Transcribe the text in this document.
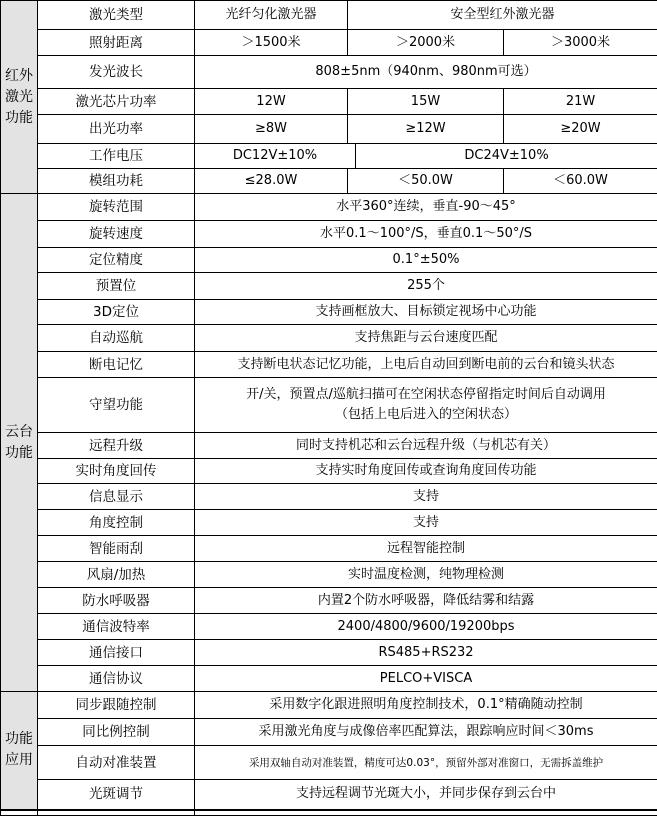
红外激光功能	激光类型	光纤匀化激光器	安全型红外激光器		
	照射距离	＞1500米	＞2000米		＞3000米
	发光波长	808±5nm（940nm、980nm可选）			
	激光芯片功率	12W	15W		21W
	出光功率	≥8W	≥12W		≥20W
	工作电压	DC12V±10%		DC24V±10%	
	模组功耗	≤28.0W	＜50.0W		＜60.0W
云台功能	旋转范围	水平360°连续，垂直-90～45°			
	旋转速度	水平0.1～100°/S，垂直0.1～50°/S			
	定位精度	0.1°±50%			
	预置位	255个			
	3D定位	支持画框放大、目标锁定视场中心功能			
	自动巡航	支持焦距与云台速度匹配			
	断电记忆	支持断电状态记忆功能，上电后自动回到断电前的云台和镜头状态			
	守望功能	开/关，预置点/巡航扫描可在空闲状态停留指定时间后自动调用
（包括上电后进入的空闲状态）			

	远程升级	同时支持机芯和云台远程升级（与机芯有关）			
	实时角度回传	支持实时角度回传或查询角度回传功能			
	信息显示	支持			
	角度控制	支持			
	智能雨刮	远程智能控制			
	风扇/加热	实时温度检测，纯物理检测			
	防水呼吸器	内置2个防水呼吸器，降低结雾和结露			
	通信波特率	2400/4800/9600/19200bps			
	通信接口	RS485+RS232			
	通信协议	PELCO+VISCA			
功能应用	同步跟随控制	采用数字化跟进照明角度控制技术，0.1°精确随动控制			
	同比例控制	采用激光角度与成像倍率匹配算法，跟踪响应时间＜30ms			
	自动对准装置	采用双轴自动对准装置，精度可达0.03°，预留外部对准窗口，无需拆盖维护			
	光斑调节	支持远程调节光斑大小，并同步保存到云台中			
